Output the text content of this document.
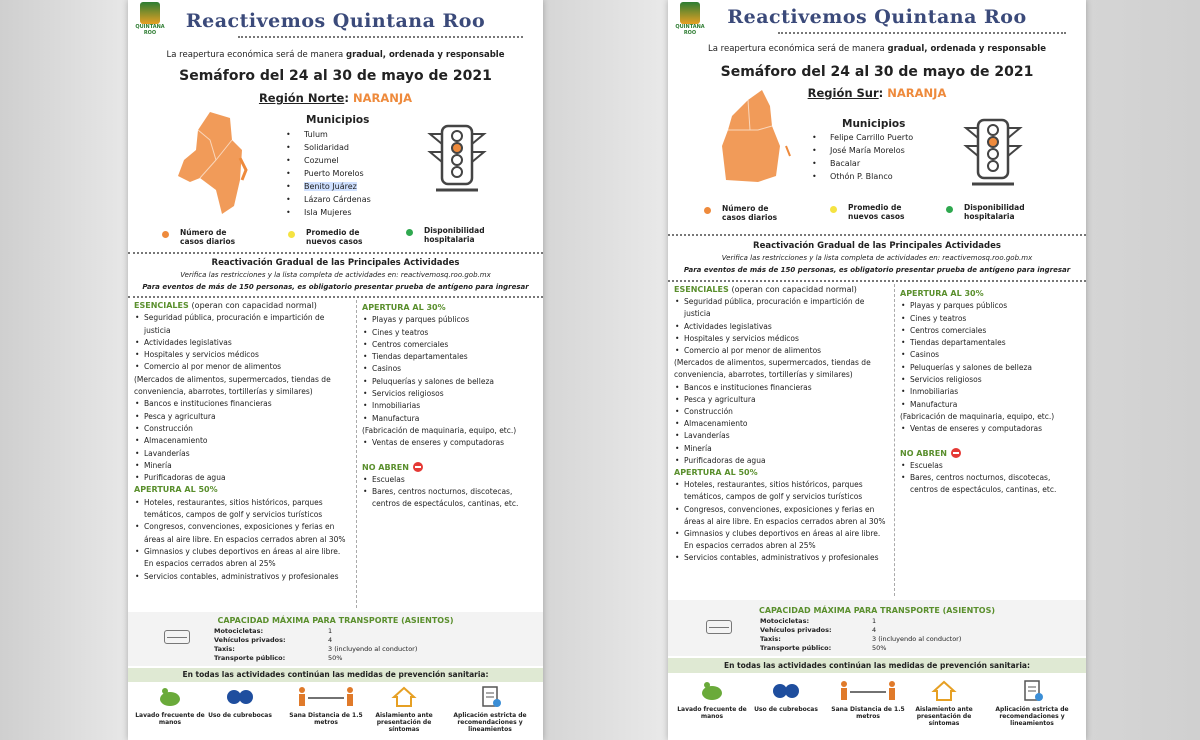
QUINTANA ROO
Reactivemos Quintana Roo
La reapertura económica será de manera gradual, ordenada y responsable
Semáforo del 24 al 30 de mayo de 2021
Región Norte: NARANJA
Municipios
• Tulum
• Solidaridad
• Cozumel
• Puerto Morelos
• Benito Juárez
• Lázaro Cárdenas
• Isla Mujeres
Número de casos diarios
Promedio de nuevos casos
Disponibilidad hospitalaria
Reactivación Gradual de las Principales Actividades
Verifica las restricciones y la lista completa de actividades en: reactivemosq.roo.gob.mx
Para eventos de más de 150 personas, es obligatorio presentar prueba de antígeno para ingresar
ESENCIALES (operan con capacidad normal)
• Seguridad pública, procuración e impartición de justicia
• Actividades legislativas
• Hospitales y servicios médicos
• Comercio al por menor de alimentos
(Mercados de alimentos, supermercados, tiendas de conveniencia, abarrotes, tortillerías y similares)
• Bancos e instituciones financieras
• Pesca y agricultura
• Construcción
• Almacenamiento
• Lavanderías
• Minería
• Purificadoras de agua
APERTURA AL 50%
• Hoteles, restaurantes, sitios históricos, parques temáticos, campos de golf y servicios turísticos
• Congresos, convenciones, exposiciones y ferias en áreas al aire libre. En espacios cerrados abren al 30%
• Gimnasios y clubes deportivos en áreas al aire libre. En espacios cerrados abren al 25%
• Servicios contables, administrativos y profesionales
APERTURA AL 30%
• Playas y parques públicos
• Cines y teatros
• Centros comerciales
• Tiendas departamentales
• Casinos
• Peluquerías y salones de belleza
• Servicios religiosos
• Inmobiliarias
• Manufactura
(Fabricación de maquinaria, equipo, etc.)
• Ventas de enseres y computadoras
NO ABREN
• Escuelas
• Bares, centros nocturnos, discotecas, centros de espectáculos, cantinas, etc.
CAPACIDAD MÁXIMA PARA TRANSPORTE (ASIENTOS)
Motocicletas:	1
Vehículos privados:	4
Taxis:	3 (incluyendo al conductor)
Transporte público:	50%
En todas las actividades continúan las medidas de prevención sanitaria:
Lavado frecuente de manos
Uso de cubrebocas	Sana Distancia de 1.5 metros
Aislamiento ante presentación de síntomas
Aplicación estricta de recomendaciones y lineamientos
QUINTANA ROO
Reactivemos Quintana Roo
La reapertura económica será de manera gradual, ordenada y responsable
Semáforo del 24 al 30 de mayo de 2021
Región Sur: NARANJA
Municipios
• Felipe Carrillo Puerto
• José María Morelos
• Bacalar
• Othón P. Blanco
Número de casos diarios
Promedio de nuevos casos
Disponibilidad hospitalaria
Reactivación Gradual de las Principales Actividades
Verifica las restricciones y la lista completa de actividades en: reactivemosq.roo.gob.mx
Para eventos de más de 150 personas, es obligatorio presentar prueba de antígeno para ingresar
ESENCIALES (operan con capacidad normal)
• Seguridad pública, procuración e impartición de justicia
• Actividades legislativas
• Hospitales y servicios médicos
• Comercio al por menor de alimentos
(Mercados de alimentos, supermercados, tiendas de conveniencia, abarrotes, tortillerías y similares)
• Bancos e instituciones financieras
• Pesca y agricultura
• Construcción
• Almacenamiento
• Lavanderías
• Minería
• Purificadoras de agua
APERTURA AL 50%
• Hoteles, restaurantes, sitios históricos, parques temáticos, campos de golf y servicios turísticos
• Congresos, convenciones, exposiciones y ferias en áreas al aire libre. En espacios cerrados abren al 30%
• Gimnasios y clubes deportivos en áreas al aire libre. En espacios cerrados abren al 25%
• Servicios contables, administrativos y profesionales
APERTURA AL 30%
• Playas y parques públicos
• Cines y teatros
• Centros comerciales
• Tiendas departamentales
• Casinos
• Peluquerías y salones de belleza
• Servicios religiosos
• Inmobiliarias
• Manufactura
(Fabricación de maquinaria, equipo, etc.)
• Ventas de enseres y computadoras
NO ABREN
• Escuelas
• Bares, centros nocturnos, discotecas, centros de espectáculos, cantinas, etc.
CAPACIDAD MÁXIMA PARA TRANSPORTE (ASIENTOS)
Motocicletas:	1
Vehículos privados:	4
Taxis:	3 (incluyendo al conductor)
Transporte público:	50%
En todas las actividades continúan las medidas de prevención sanitaria:
Lavado frecuente de manos
Uso de cubrebocas	Sana Distancia de 1.5 metros
Aislamiento ante presentación de síntomas
Aplicación estricta de recomendaciones y lineamientos
